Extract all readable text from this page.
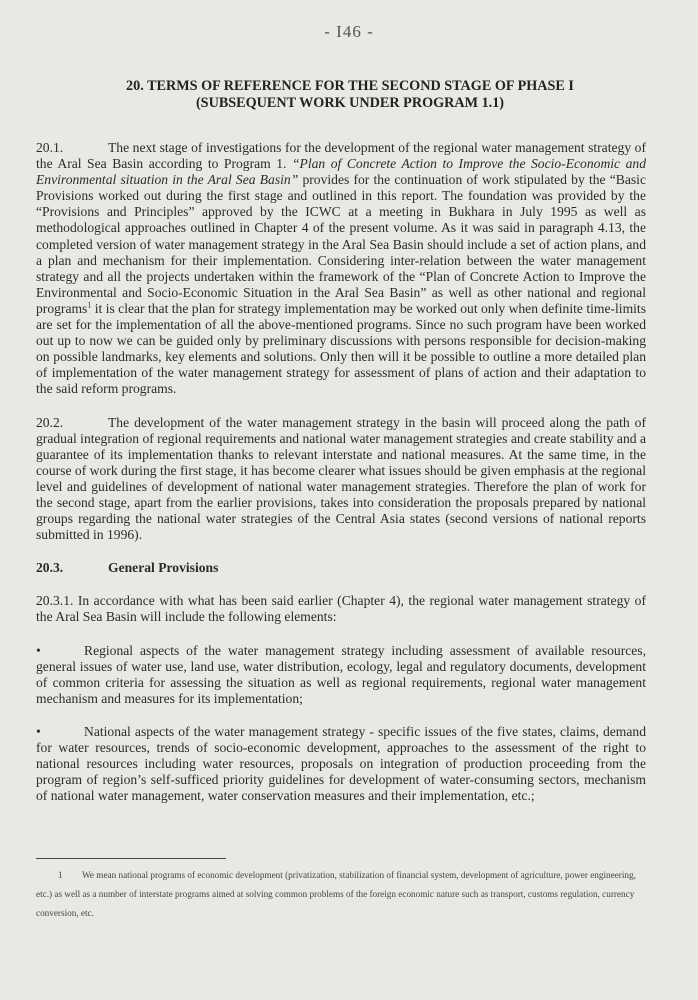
- I46 -
20. TERMS OF REFERENCE FOR THE SECOND STAGE OF PHASE I
(SUBSEQUENT WORK UNDER PROGRAM 1.1)

20.1.	The next stage of investigations for the development of the regional water management strategy of the Aral Sea Basin according to Program 1. “Plan of Concrete Action to Improve the Socio-Economic and Environmental situation in the Aral Sea Basin” provides for the continuation of work stipulated by the “Basic Provisions worked out during the first stage and outlined in this report. The foundation was provided by the “Provisions and Principles” approved by the ICWC at a meeting in Bukhara in July 1995 as well as methodological approaches outlined in Chapter 4 of the present volume. As it was said in paragraph 4.13, the completed version of water management strategy in the Aral Sea Basin should include a set of action plans, and a plan and mechanism for their implementation. Considering inter-relation between the water management strategy and all the projects undertaken within the framework of the “Plan of Concrete Action to Improve the Environmental and Socio-Economic Situation in the Aral Sea Basin” as well as other national and regional programs$^1$ it is clear that the plan for strategy implementation may be worked out only when definite time-limits are set for the implementation of all the above-mentioned programs. Since no such program have been worked out up to now we can be guided only by preliminary discussions with persons responsible for decision-making on possible landmarks, key elements and solutions. Only then will it be possible to outline a more detailed plan of implementation of the water management strategy for assessment of plans of action and their adaptation to the said reform programs.

20.2.	The development of the water management strategy in the basin will proceed along the path of gradual integration of regional requirements and national water management strategies and create stability and a guarantee of its implementation thanks to relevant interstate and national measures. At the same time, in the course of work during the first stage, it has become clearer what issues should be given emphasis at the regional level and guidelines of development of national water management strategies. Therefore the plan of work for the second stage, apart from the earlier provisions, takes into consideration the proposals prepared by national groups regarding the national water strategies of the Central Asia states (second versions of national reports submitted in 1996).

20.3.	General Provisions

20.3.1. In accordance with what has been said earlier (Chapter 4), the regional water management strategy of the Aral Sea Basin will include the following elements:

•	Regional aspects of the water management strategy including assessment of available resources, general issues of water use, land use, water distribution, ecology, legal and regulatory documents, development of common criteria for assessing the situation as well as regional requirements, regional water management mechanism and measures for its implementation;

•	National aspects of the water management strategy - specific issues of the five states, claims, demand for water resources, trends of socio-economic development, approaches to the assessment of the right to national resources including water resources, proposals on integration of production proceeding from the program of region’s self-sufficed priority guidelines for development of water-consuming sectors, mechanism of national water management, water conservation measures and their implementation, etc.;

1 We mean national programs of economic development (privatization, stabilization of financial system, development of agriculture, power engineering, etc.) as well as a number of interstate programs aimed at solving common problems of the foreign economic nature such as transport, customs regulation, currency conversion, etc.
